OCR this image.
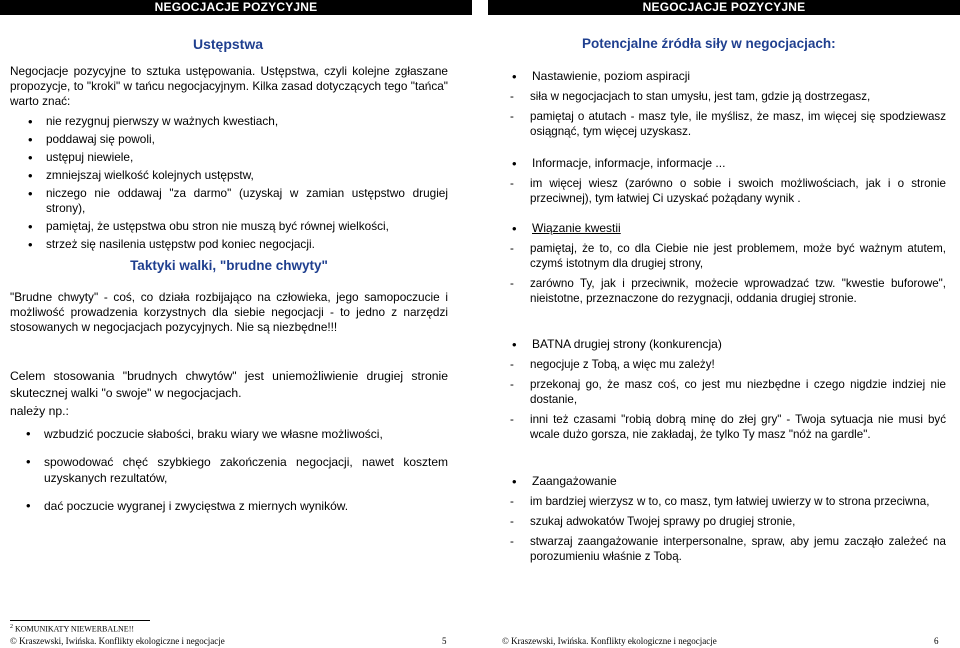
NEGOCJACJE POZYCYJNE
Ustępstwa
Negocjacje pozycyjne to sztuka ustępowania. Ustępstwa, czyli kolejne zgłaszane propozycje, to "kroki" w tańcu negocjacyjnym. Kilka zasad dotyczących tego "tańca" warto znać:
• nie rezygnuj pierwszy w ważnych kwestiach,
• poddawaj się powoli,
• ustępuj niewiele,
• zmniejszaj wielkość kolejnych ustępstw,
• niczego nie oddawaj "za darmo" (uzyskaj w zamian ustępstwo drugiej strony),
• pamiętaj, że ustępstwa obu stron nie muszą być równej wielkości,
• strzeż się nasilenia ustępstw pod koniec negocjacji.
Taktyki walki, "brudne chwyty"
"Brudne chwyty" - coś, co działa rozbijająco na człowieka, jego samopoczucie i możliwość prowadzenia korzystnych dla siebie negocjacji - to jedno z narzędzi stosowanych w negocjacjach pozycyjnych. Nie są niezbędne!!!
Celem stosowania "brudnych chwytów" jest uniemożliwienie drugiej stronie skutecznej walki "o swoje" w negocjacjach.
należy np.:
• wzbudzić poczucie słabości, braku wiary we własne możliwości,
• spowodować chęć szybkiego zakończenia negocjacji, nawet kosztem uzyskanych rezultatów,
• dać poczucie wygranej i zwycięstwa z miernych wyników.
$^2$ KOMUNIKATY NIEWERBALNE!!
© Kraszewski, Iwińska. Konflikty ekologiczne i negocjacje	5
NEGOCJACJE POZYCYJNE
Potencjalne źródła siły w negocjacjach:
• Nastawienie, poziom aspiracji
- siła w negocjacjach to stan umysłu, jest tam, gdzie ją dostrzegasz,
- pamiętaj o atutach - masz tyle, ile myślisz, że masz, im więcej się spodziewasz osiągnąć, tym więcej uzyskasz.
• Informacje, informacje, informacje ...
- im więcej wiesz (zarówno o sobie i swoich możliwościach, jak i o stronie przeciwnej), tym łatwiej Ci uzyskać pożądany wynik .
• Wiązanie kwestii
- pamiętaj, że to, co dla Ciebie nie jest problemem, może być ważnym atutem, czymś istotnym dla drugiej strony,
- zarówno Ty, jak i przeciwnik, możecie wprowadzać tzw. "kwestie buforowe", nieistotne, przeznaczone do rezygnacji, oddania drugiej stronie.
• BATNA drugiej strony (konkurencja)
- negocjuje z Tobą, a więc mu zależy!
- przekonaj go, że masz coś, co jest mu niezbędne i czego nigdzie indziej nie dostanie,
- inni też czasami "robią dobrą minę do złej gry" - Twoja sytuacja nie musi być wcale dużo gorsza, nie zakładaj, że tylko Ty masz "nóż na gardle".
• Zaangażowanie
- im bardziej wierzysz w to, co masz, tym łatwiej uwierzy w to strona przeciwna,
- szukaj adwokatów Twojej sprawy po drugiej stronie,
- stwarzaj zaangażowanie interpersonalne, spraw, aby jemu zacząło zależeć na porozumieniu właśnie z Tobą.
© Kraszewski, Iwińska. Konflikty ekologiczne i negocjacje	6
